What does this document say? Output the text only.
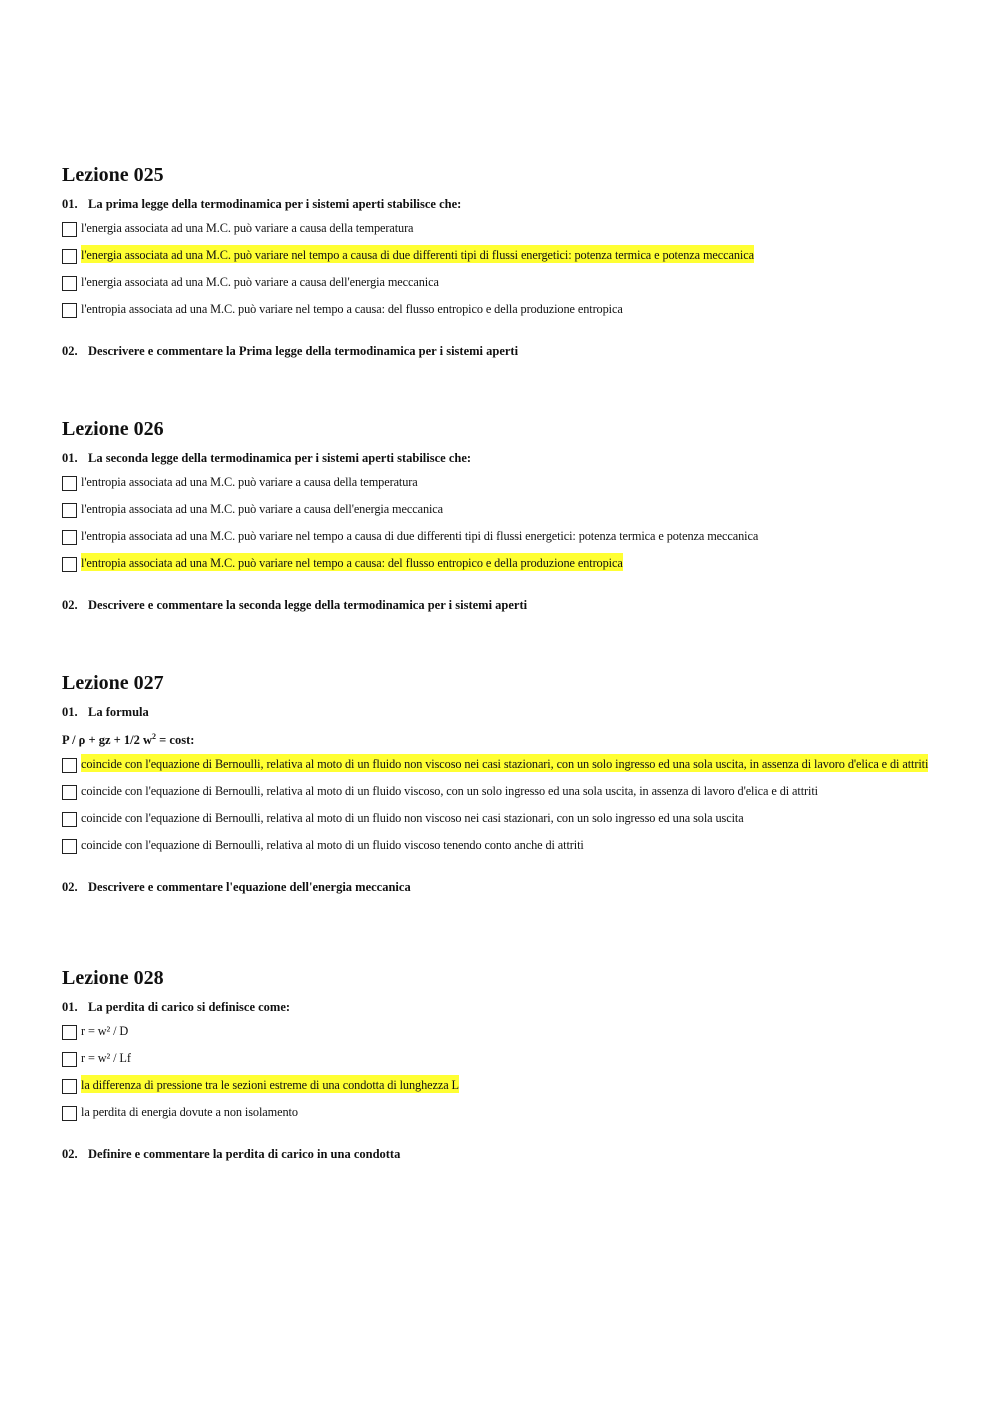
Lezione 025
01. La prima legge della termodinamica per i sistemi aperti stabilisce che:
l'energia associata ad una M.C. può variare a causa della temperatura
l'energia associata ad una M.C. può variare nel tempo a causa di due differenti tipi di flussi energetici: potenza termica e potenza meccanica
l'energia associata ad una M.C. può variare a causa dell'energia meccanica
l'entropia associata ad una M.C. può variare nel tempo a causa: del flusso entropico e della produzione entropica
02. Descrivere e commentare la Prima legge della termodinamica per i sistemi aperti
Lezione 026
01. La seconda legge della termodinamica per i sistemi aperti stabilisce che:
l'entropia associata ad una M.C. può variare a causa della temperatura
l'entropia associata ad una M.C. può variare a causa dell'energia meccanica
l'entropia associata ad una M.C. può variare nel tempo a causa di due differenti tipi di flussi energetici: potenza termica e potenza meccanica
l'entropia associata ad una M.C. può variare nel tempo a causa: del flusso entropico e della produzione entropica
02. Descrivere e commentare la seconda legge della termodinamica per i sistemi aperti
Lezione 027
01. La formula
P / ρ + gz + 1/2 $w^2 = \cos t$:
coincide con l'equazione di Bernoulli, relativa al moto di un fluido non viscoso nei casi stazionari, con un solo ingresso ed una sola uscita, in assenza di lavoro d'elica e di attriti
coincide con l'equazione di Bernoulli, relativa al moto di un fluido viscoso, con un solo ingresso ed una sola uscita, in assenza di lavoro d'elica e di attriti
coincide con l'equazione di Bernoulli, relativa al moto di un fluido non viscoso nei casi stazionari, con un solo ingresso ed una sola uscita
coincide con l'equazione di Bernoulli, relativa al moto di un fluido viscoso tenendo conto anche di attriti
02. Descrivere e commentare l'equazione dell'energia meccanica
Lezione 028
01. La perdita di carico si definisce come:
r = w² / D
r = w² / Lf
la differenza di pressione tra le sezioni estreme di una condotta di lunghezza L
la perdita di energia dovute a non isolamento
02. Definire e commentare la perdita di carico in una condotta
